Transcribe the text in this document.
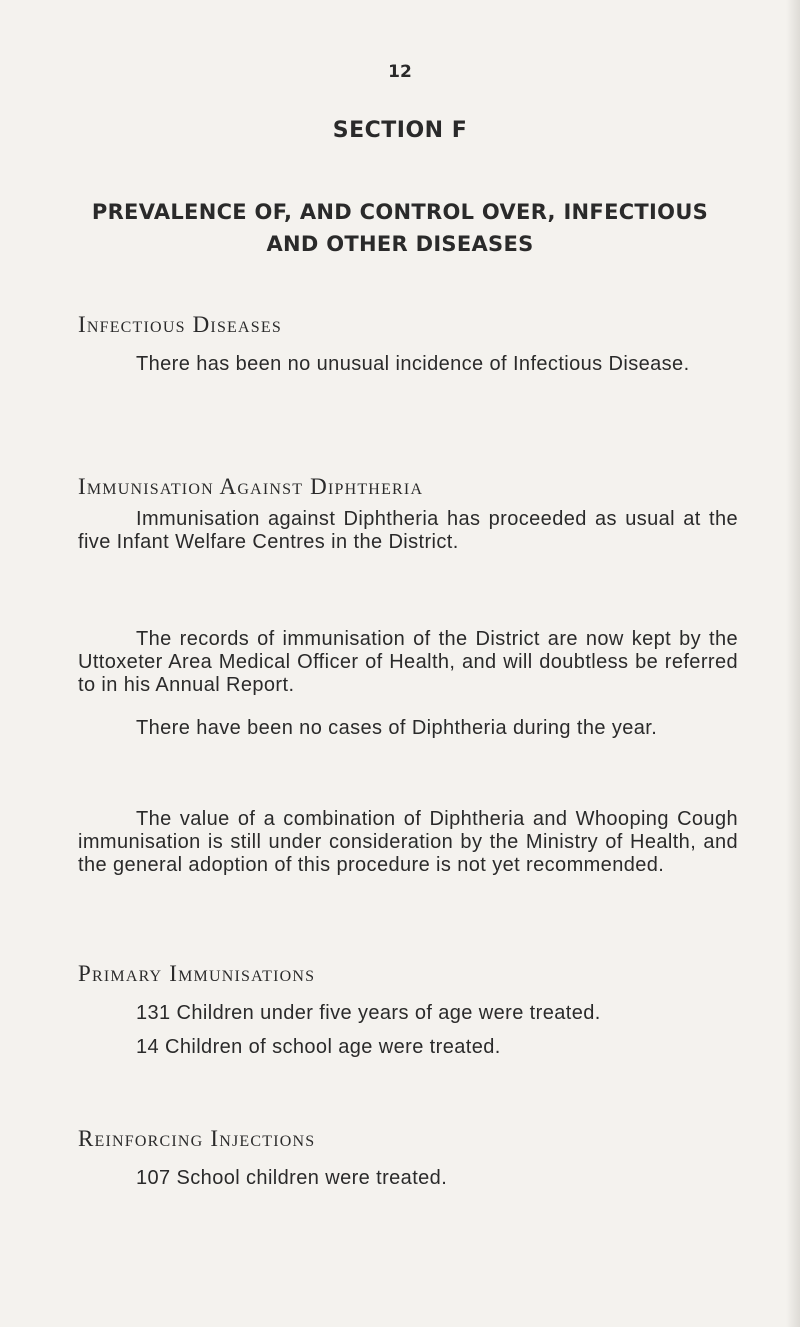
12
SECTION F
PREVALENCE OF, AND CONTROL OVER, INFECTIOUS
AND OTHER DISEASES
Infectious Diseases

There has been no unusual incidence of Infectious Disease.

Immunisation Against Diphtheria

Immunisation against Diphtheria has proceeded as usual at the five Infant Welfare Centres in the District.

The records of immunisation of the District are now kept by the Uttoxeter Area Medical Officer of Health, and will doubtless be referred to in his Annual Report.

There have been no cases of Diphtheria during the year.

The value of a combination of Diphtheria and Whooping Cough immunisation is still under consideration by the Ministry of Health, and the general adoption of this procedure is not yet recommended.

Primary Immunisations
131 Children under five years of age were treated.
14 Children of school age were treated.
Reinforcing Injections
107 School children were treated.
